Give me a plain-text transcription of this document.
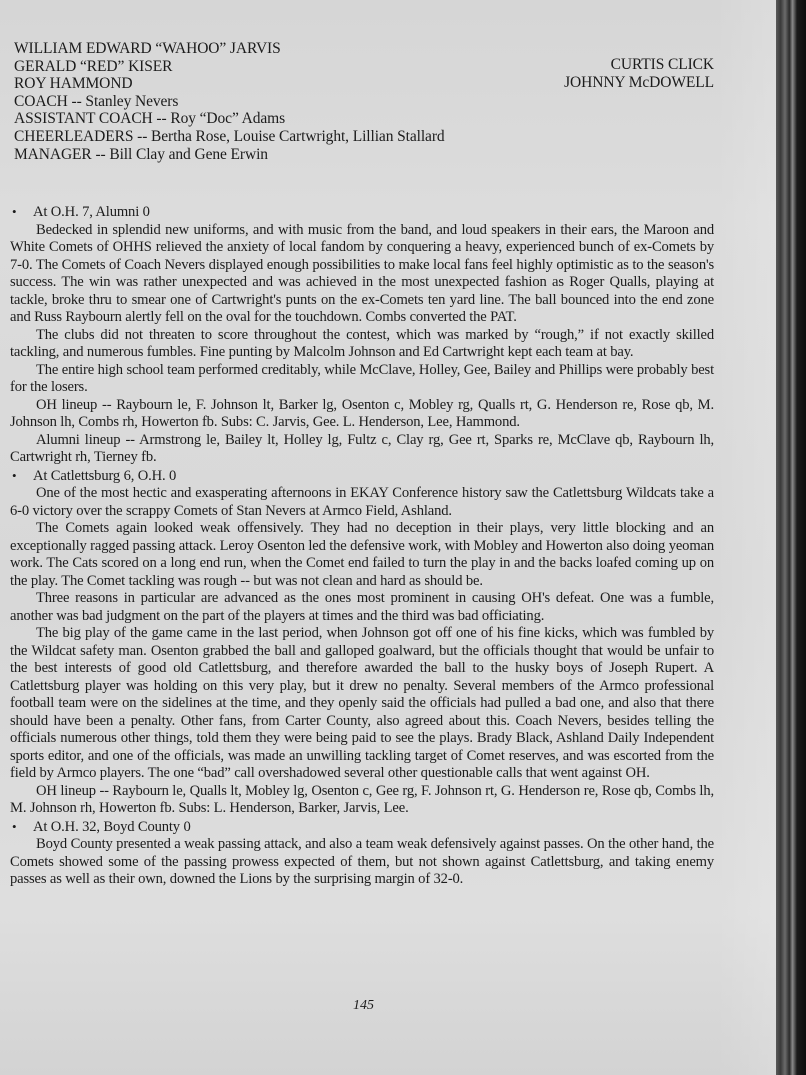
WILLIAM EDWARD “WAHOO” JARVIS
GERALD “RED” KISER
ROY HAMMOND
COACH -- Stanley Nevers
ASSISTANT COACH -- Roy “Doc” Adams
CHEERLEADERS -- Bertha Rose, Louise Cartwright, Lillian Stallard
MANAGER -- Bill Clay and Gene Erwin
CURTIS CLICK
JOHNNY McDOWELL

• At O.H. 7, Alumni 0

Bedecked in splendid new uniforms, and with music from the band, and loud speakers in their ears, the Maroon and White Comets of OHHS relieved the anxiety of local fandom by conquering a heavy, experienced bunch of ex-Comets by 7-0. The Comets of Coach Nevers displayed enough possibilities to make local fans feel highly optimistic as to the season's success. The win was rather unexpected and was achieved in the most unexpected fashion as Roger Qualls, playing at tackle, broke thru to smear one of Cartwright's punts on the ex-Comets ten yard line. The ball bounced into the end zone and Russ Raybourn alertly fell on the oval for the touchdown. Combs converted the PAT.

The clubs did not threaten to score throughout the contest, which was marked by “rough,” if not exactly skilled tackling, and numerous fumbles. Fine punting by Malcolm Johnson and Ed Cartwright kept each team at bay.

The entire high school team performed creditably, while McClave, Holley, Gee, Bailey and Phillips were probably best for the losers.

OH lineup -- Raybourn le, F. Johnson lt, Barker lg, Osenton c, Mobley rg, Qualls rt, G. Henderson re, Rose qb, M. Johnson lh, Combs rh, Howerton fb. Subs: C. Jarvis, Gee. L. Henderson, Lee, Hammond.

Alumni lineup -- Armstrong le, Bailey lt, Holley lg, Fultz c, Clay rg, Gee rt, Sparks re, McClave qb, Raybourn lh, Cartwright rh, Tierney fb.

• At Catlettsburg 6, O.H. 0

One of the most hectic and exasperating afternoons in EKAY Conference history saw the Catlettsburg Wildcats take a 6-0 victory over the scrappy Comets of Stan Nevers at Armco Field, Ashland.

The Comets again looked weak offensively. They had no deception in their plays, very little blocking and an exceptionally ragged passing attack. Leroy Osenton led the defensive work, with Mobley and Howerton also doing yeoman work. The Cats scored on a long end run, when the Comet end failed to turn the play in and the backs loafed coming up on the play. The Comet tackling was rough -- but was not clean and hard as should be.

Three reasons in particular are advanced as the ones most prominent in causing OH's defeat. One was a fumble, another was bad judgment on the part of the players at times and the third was bad officiating.

The big play of the game came in the last period, when Johnson got off one of his fine kicks, which was fumbled by the Wildcat safety man. Osenton grabbed the ball and galloped goalward, but the officials thought that would be unfair to the best interests of good old Catlettsburg, and therefore awarded the ball to the husky boys of Joseph Rupert. A Catlettsburg player was holding on this very play, but it drew no penalty. Several members of the Armco professional football team were on the sidelines at the time, and they openly said the officials had pulled a bad one, and also that there should have been a penalty. Other fans, from Carter County, also agreed about this. Coach Nevers, besides telling the officials numerous other things, told them they were being paid to see the plays. Brady Black, Ashland Daily Independent sports editor, and one of the officials, was made an unwilling tackling target of Comet reserves, and was escorted from the field by Armco players. The one “bad” call overshadowed several other questionable calls that went against OH.

OH lineup -- Raybourn le, Qualls lt, Mobley lg, Osenton c, Gee rg, F. Johnson rt, G. Henderson re, Rose qb, Combs lh, M. Johnson rh, Howerton fb. Subs: L. Henderson, Barker, Jarvis, Lee.

• At O.H. 32, Boyd County 0

Boyd County presented a weak passing attack, and also a team weak defensively against passes. On the other hand, the Comets showed some of the passing prowess expected of them, but not shown against Catlettsburg, and taking enemy passes as well as their own, downed the Lions by the surprising margin of 32-0.

145
